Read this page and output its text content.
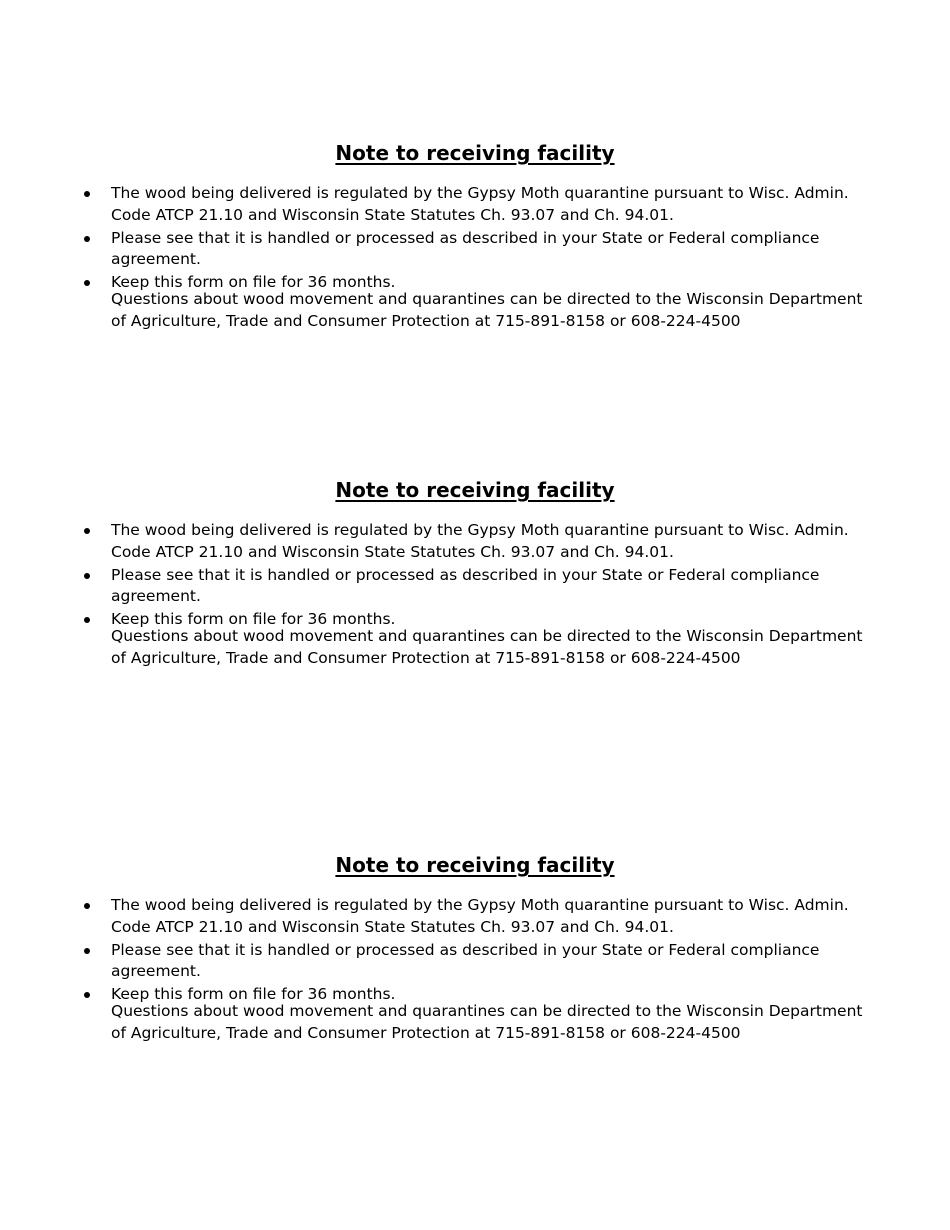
Note to receiving facility
The wood being delivered is regulated by the Gypsy Moth quarantine pursuant to Wisc. Admin. Code ATCP 21.10 and Wisconsin State Statutes Ch. 93.07 and Ch. 94.01.
Please see that it is handled or processed as described in your State or Federal compliance agreement.
Keep this form on file for 36 months.

Questions about wood movement and quarantines can be directed to the Wisconsin Department of Agriculture, Trade and Consumer Protection at 715-891-8158 or 608-224-4500

Note to receiving facility
The wood being delivered is regulated by the Gypsy Moth quarantine pursuant to Wisc. Admin. Code ATCP 21.10 and Wisconsin State Statutes Ch. 93.07 and Ch. 94.01.
Please see that it is handled or processed as described in your State or Federal compliance agreement.
Keep this form on file for 36 months.

Questions about wood movement and quarantines can be directed to the Wisconsin Department of Agriculture, Trade and Consumer Protection at 715-891-8158 or 608-224-4500

Note to receiving facility
The wood being delivered is regulated by the Gypsy Moth quarantine pursuant to Wisc. Admin. Code ATCP 21.10 and Wisconsin State Statutes Ch. 93.07 and Ch. 94.01.
Please see that it is handled or processed as described in your State or Federal compliance agreement.
Keep this form on file for 36 months.

Questions about wood movement and quarantines can be directed to the Wisconsin Department of Agriculture, Trade and Consumer Protection at 715-891-8158 or 608-224-4500
